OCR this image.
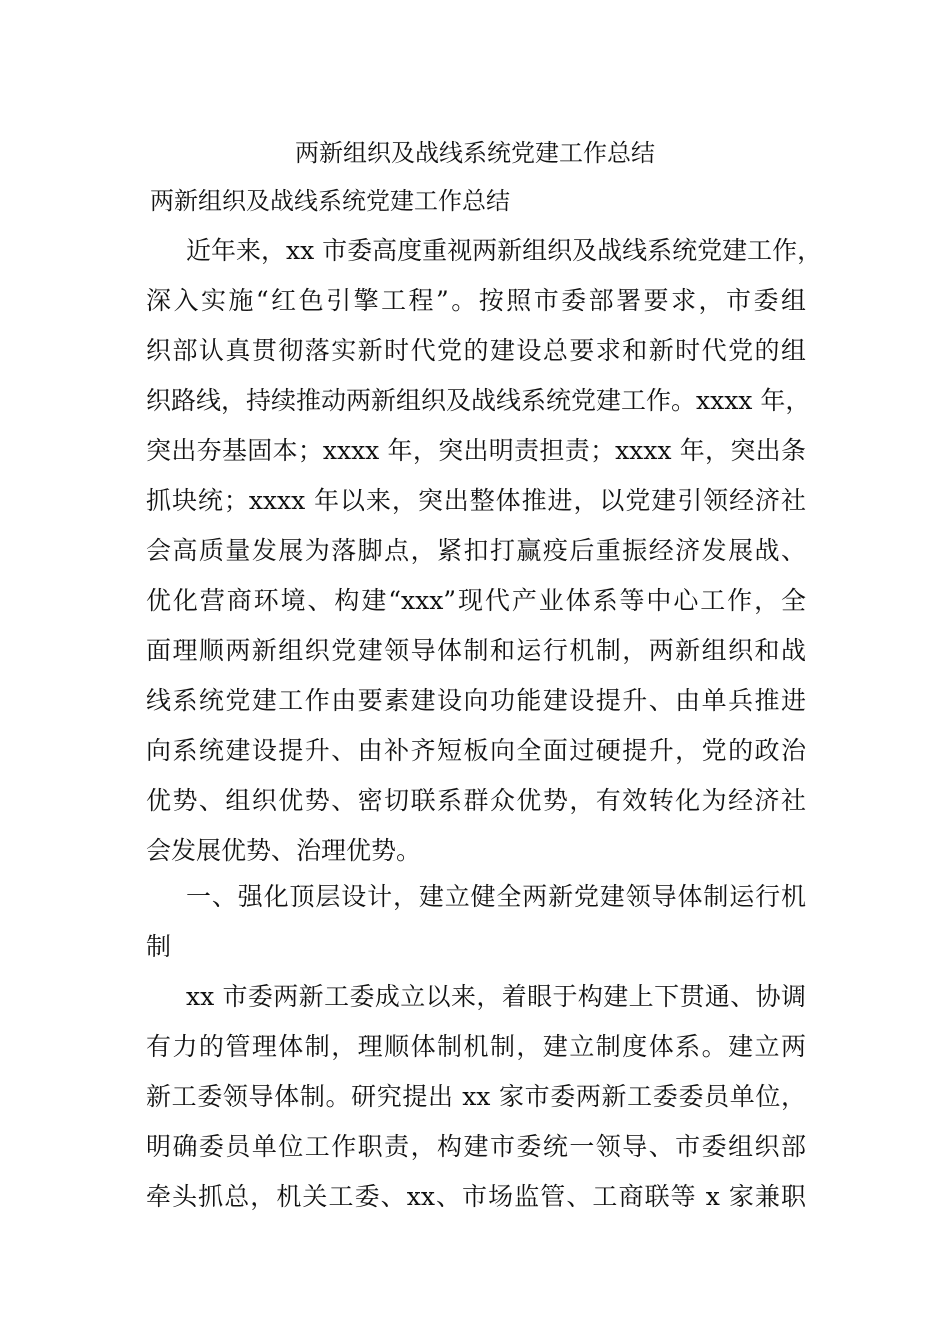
两新组织及战线系统党建工作总结
两新组织及战线系统党建工作总结
近年来，xx 市委高度重视两新组织及战线系统党建工作，
深入实施“红色引擎工程”。按照市委部署要求，市委组
织部认真贯彻落实新时代党的建设总要求和新时代党的组
织路线，持续推动两新组织及战线系统党建工作。xxxx 年，
突出夯基固本；xxxx 年，突出明责担责；xxxx 年，突出条
抓块统；xxxx 年以来，突出整体推进，以党建引领经济社
会高质量发展为落脚点，紧扣打赢疫后重振经济发展战、
优化营商环境、构建“xxx”现代产业体系等中心工作，全
面理顺两新组织党建领导体制和运行机制，两新组织和战
线系统党建工作由要素建设向功能建设提升、由单兵推进
向系统建设提升、由补齐短板向全面过硬提升，党的政治
优势、组织优势、密切联系群众优势，有效转化为经济社
会发展优势、治理优势。
一、强化顶层设计，建立健全两新党建领导体制运行机
制
xx 市委两新工委成立以来，着眼于构建上下贯通、协调
有力的管理体制，理顺体制机制，建立制度体系。建立两
新工委领导体制。研究提出 xx 家市委两新工委委员单位，
明确委员单位工作职责，构建市委统一领导、市委组织部
牵头抓总，机关工委、xx、市场监管、工商联等 x 家兼职
